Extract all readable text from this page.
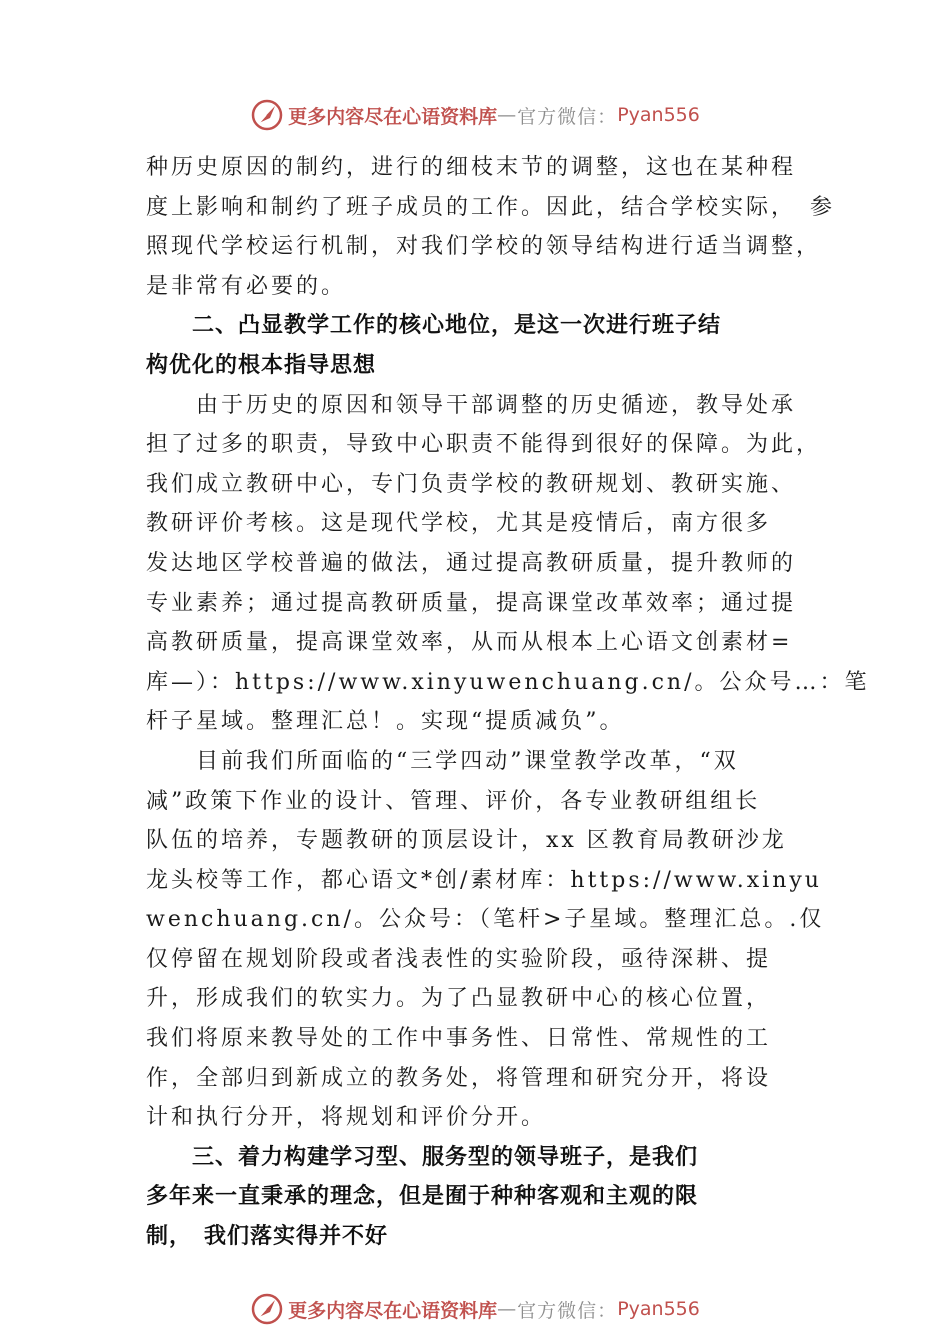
更多内容尽在心语资料库 — 官方微信： Pyan556
种历史原因的制约，进行的细枝末节的调整，这也在某种程
度上影响和制约了班子成员的工作。因此，结合学校实际，　参
照现代学校运行机制，对我们学校的领导结构进行适当调整，
是非常有必要的。
　　二、凸显教学工作的核心地位，是这一次进行班子结
构优化的根本指导思想
　　由于历史的原因和领导干部调整的历史循迹，教导处承
担了过多的职责，导致中心职责不能得到很好的保障。为此，
我们成立教研中心，专门负责学校的教研规划、教研实施、
教研评价考核。这是现代学校，尤其是疫情后，南方很多
发达地区学校普遍的做法，通过提高教研质量，提升教师的
专业素养；通过提高教研质量，提高课堂改革效率；通过提
高教研质量，提高课堂效率，从而从根本上心语文创素材=
库—）：https://www.xinyuwenchuang.cn/。公众号…：笔
杆子星域。整理汇总！。实现“提质减负”。
　　目前我们所面临的“三学四动”课堂教学改革，“双
减”政策下作业的设计、管理、评价，各专业教研组组长
队伍的培养，专题教研的顶层设计，xx 区教育局教研沙龙
龙头校等工作，都心语文*创/素材库：https://www.xinyu
wenchuang.cn/。公众号：（笔杆>子星域。整理汇总。.仅
仅停留在规划阶段或者浅表性的实验阶段，亟待深耕、提
升，形成我们的软实力。为了凸显教研中心的核心位置，
我们将原来教导处的工作中事务性、日常性、常规性的工
作，全部归到新成立的教务处，将管理和研究分开，将设
计和执行分开，将规划和评价分开。
　　三、着力构建学习型、服务型的领导班子，是我们
多年来一直秉承的理念，但是囿于种种客观和主观的限
制，　我们落实得并不好
更多内容尽在心语资料库 — 官方微信： Pyan556
